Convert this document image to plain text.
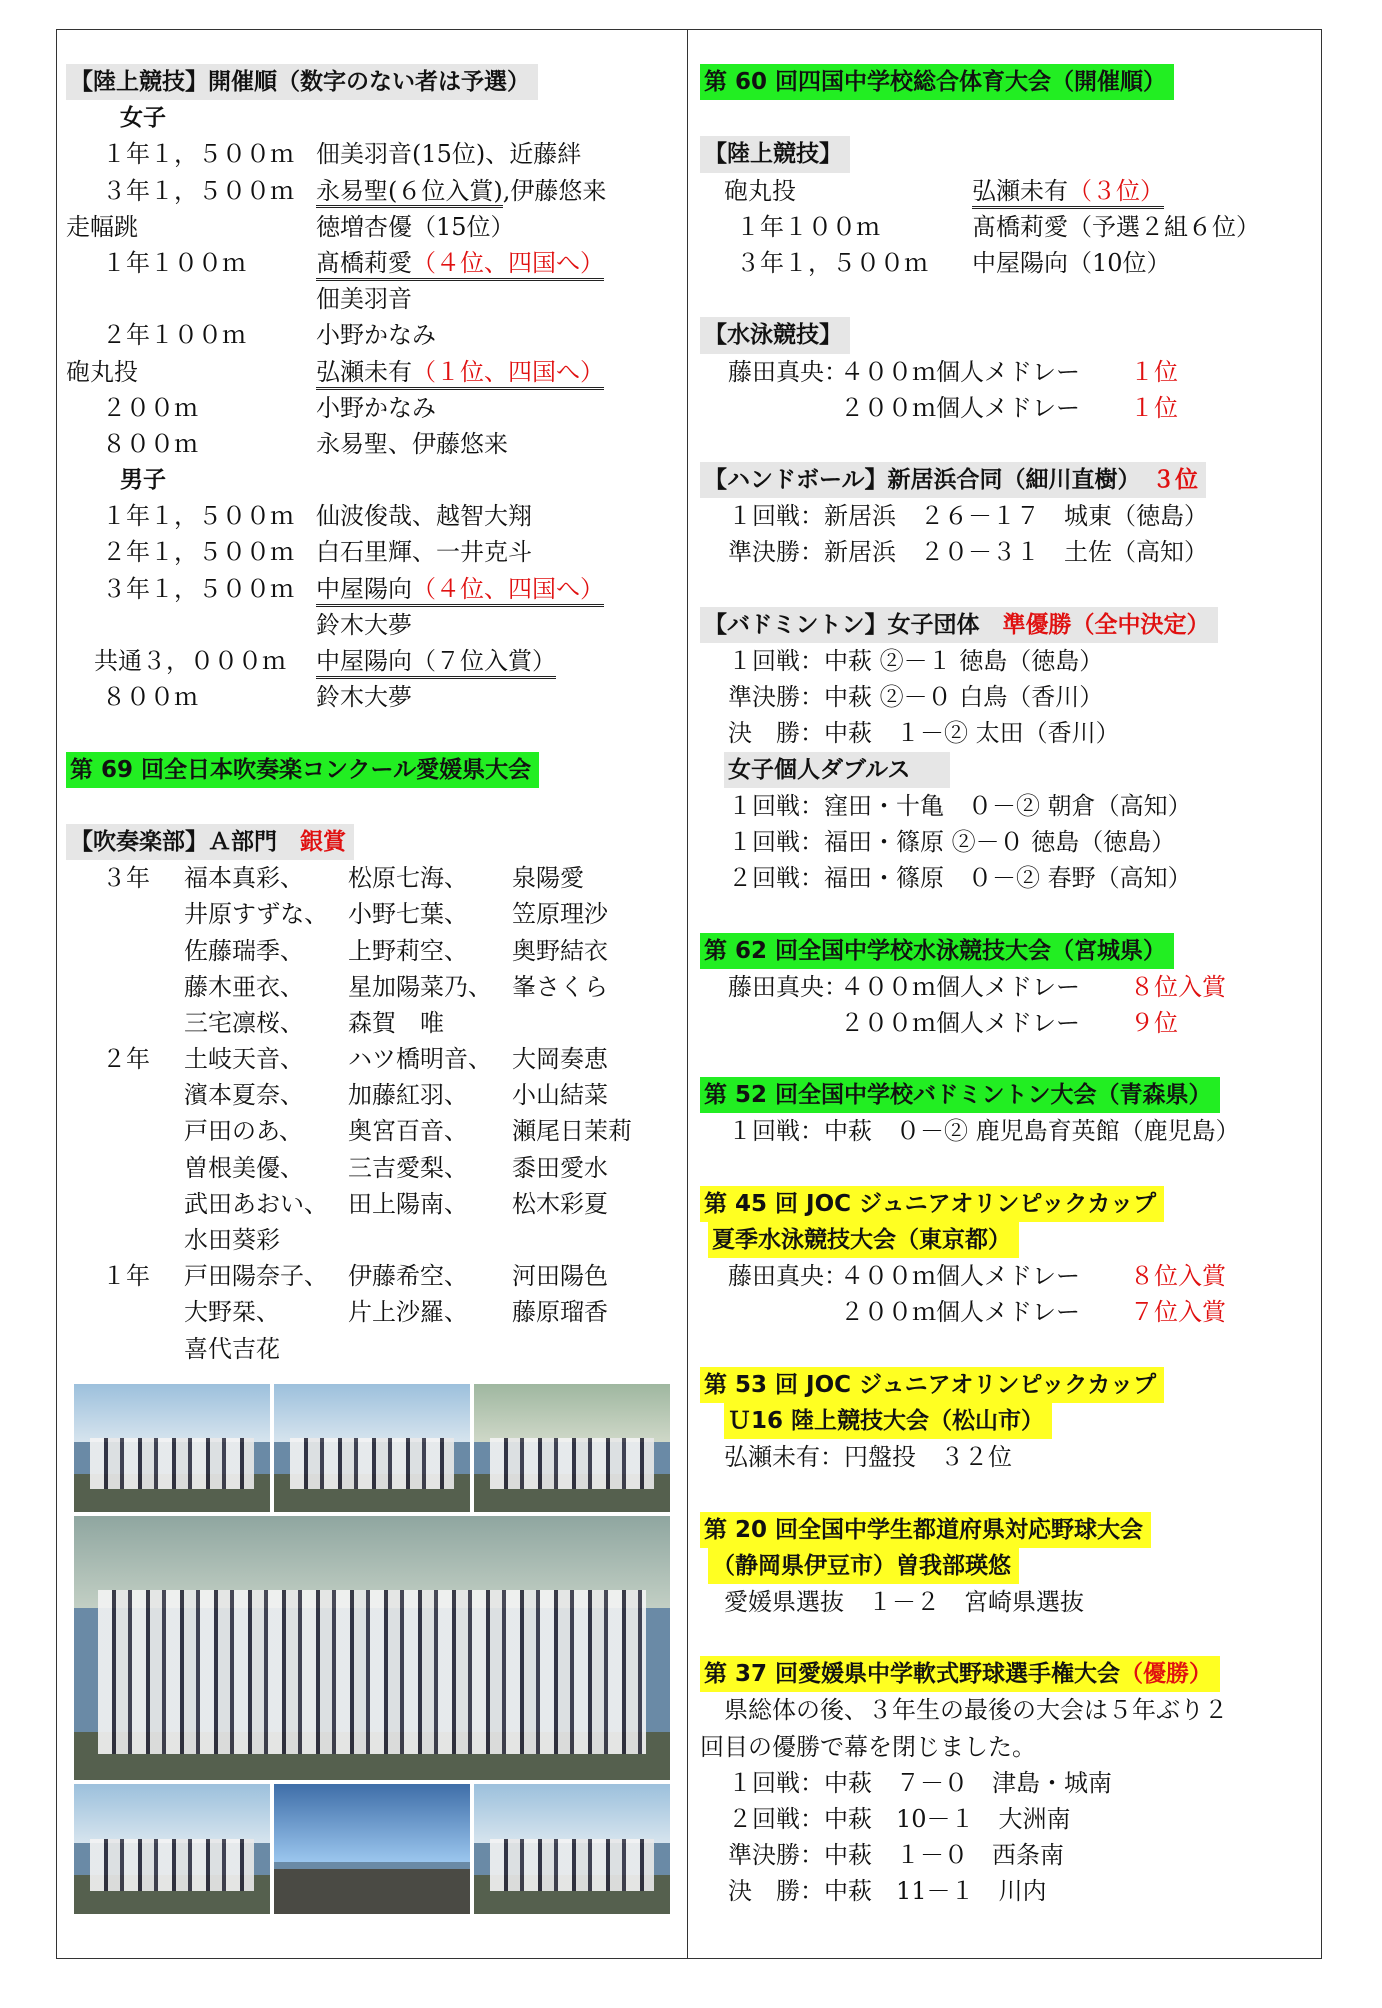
【陸上競技】開催順（数字のない者は予選）
女子
１年１，５００ｍ 佃美羽音(15位)、近藤絆
３年１，５００ｍ 永易聖(６位入賞),伊藤悠来
走幅跳	徳増杏優（15位）
１年１００ｍ	髙橋莉愛（４位、四国へ）
佃美羽音
２年１００ｍ	小野かなみ
砲丸投	弘瀬未有（１位、四国へ）
２００ｍ	小野かなみ
８００ｍ	永易聖、伊藤悠来
男子
１年１，５００ｍ 仙波俊哉、越智大翔
２年１，５００ｍ 白石里輝、一井克斗
３年１，５００ｍ 中屋陽向（４位、四国へ）
鈴木大夢
共通３，０００ｍ	中屋陽向（７位入賞）
８００ｍ	鈴木大夢
第 69 回全日本吹奏楽コンクール愛媛県大会
【吹奏楽部】Ａ部門　 銀賞
３年	福本真彩、	松原七海、	泉陽愛
井原すずな、 小野七葉、	笠原理沙
佐藤瑞季、	上野莉空、	奥野結衣
藤木亜衣、	星加陽菜乃、 峯さくら
三宅凛桜、	森賀　唯
２年	土岐天音、	ハツ橋明音、 大岡奏恵
濱本夏奈、	加藤紅羽、	小山結菜
戸田のあ、	奥宮百音、	瀬尾日茉莉
曽根美優、	三吉愛梨、	黍田愛水
武田あおい、 田上陽南、	松木彩夏
水田葵彩
１年	戸田陽奈子、 伊藤希空、	河田陽色
大野栞、	片上沙羅、	藤原瑠香
喜代吉花
第 60 回四国中学校総合体育大会（開催順）
【陸上競技】
砲丸投	弘瀬未有（３位）
１年１００ｍ	髙橋莉愛（予選２組６位）
３年１，５００ｍ	中屋陽向（10位）
【水泳競技】
藤田真央：
４００ｍ個人メドレー	１位
２００ｍ個人メドレー	１位
【ハンドボール】新居浜合同（細川直樹）　 ３位
１回戦：新居浜　２６－１７　城東（徳島）
準決勝：新居浜　２０－３１　土佐（高知）
【バドミントン】女子団体　 準優勝（全中決定）
１回戦：中萩 ②－１ 徳島（徳島）
準決勝：中萩 ②－０ 白鳥（香川）
決　勝：中萩　１－② 太田（香川）
女子個人ダブルス
１回戦：窪田・十亀　０－② 朝倉（高知）
１回戦：福田・篠原 ②－０ 徳島（徳島）
２回戦：福田・篠原　０－② 春野（高知）
第 62 回全国中学校水泳競技大会（宮城県）
藤田真央：
４００ｍ個人メドレー	８位入賞
２００ｍ個人メドレー	９位
第 52 回全国中学校バドミントン大会（青森県）
１回戦：中萩　０－② 鹿児島育英館（鹿児島）
第 45 回 JOC ジュニアオリンピックカップ
夏季水泳競技大会（東京都）
藤田真央：
４００ｍ個人メドレー	８位入賞
２００ｍ個人メドレー	７位入賞
第 53 回 JOC ジュニアオリンピックカップ
Ｕ16 陸上競技大会（松山市）
弘瀬未有：円盤投　３２位
第 20 回全国中学生都道府県対応野球大会
（静岡県伊豆市）曽我部瑛悠
愛媛県選抜　１－２　宮崎県選抜
第 37 回愛媛県中学軟式野球選手権大会（優勝）
県総体の後、３年生の最後の大会は５年ぶり２
回目の優勝で幕を閉じました。
１回戦：中萩　７－０　津島・城南
２回戦：中萩　10－１　大洲南
準決勝：中萩　１－０　西条南
決　勝：中萩　11－１　川内
